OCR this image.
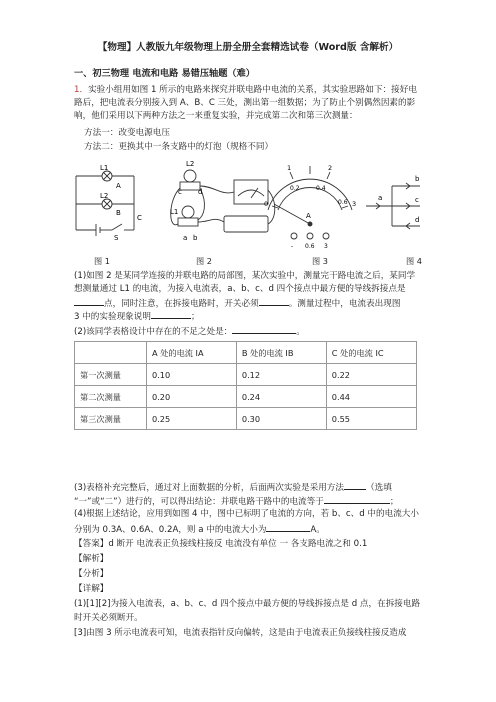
【物理】人教版九年级物理上册全册全套精选试卷（Word版 含解析）
一、初三物理 电流和电路 易错压轴题（难）
1．实验小组用如图 1 所示的电路来探究并联电路中电流的关系，其实验思路如下：接好电
路后，把电流表分别接入到 A、B、C 三处，测出第一组数据；为了防止个别偶然因素的影
响，他们采用以下两种方法之一来重复实验，并完成第二次和第三次测量：
方法一：改变电源电压
方法二：更换其中一条支路中的灯泡（规格不同）
L1
L2
A
B
C
S
L2
L1
a b
c d
0
1	2
3
0.2	0.4
0.6
A
- 0.6 3
a
b
c
d
图 1	图 2	图 3	图 4
(1)如图 2 是某同学连接的并联电路的局部图，某次实验中，测量完干路电流之后，某同学
想测量通过 L1 的电流，为接入电流表，a、b、c、d 四个接点中最方便的导线拆接点是
点，同时注意，在拆接电路时，开关必须	。测量过程中，电流表出现图
3 中的实验现象说明	；
(2)该同学表格设计中存在的不足之处是：	。
	A 处的电流 IA	B 处的电流 IB	C 处的电流 IC
第一次测量	0.10	0.12	0.22
第二次测量	0.20	0.24	0.44
第三次测量	0.25	0.30	0.55
(3)表格补充完整后，通过对上面数据的分析，后面两次实验是采用方法	（选填
“一”或“二”）进行的，可以得出结论：并联电路干路中的电流等于	；
(4)根据上述结论，应用到如图 4 中，图中已标明了电流的方向，若 b、c、d 中的电流大小
分别为 0.3A、0.6A、0.2A，则 a 中的电流大小为	A。
【答案】d 断开 电流表正负接线柱接反 电流没有单位 一 各支路电流之和 0.1
【解析】
【分析】
【详解】
(1)[1][2]为接入电流表，a、b、c、d 四个接点中最方便的导线拆接点是 d 点，在拆接电路
时开关必须断开。
[3]由图 3 所示电流表可知，电流表指针反向偏转，这是由于电流表正负接线柱接反造成
